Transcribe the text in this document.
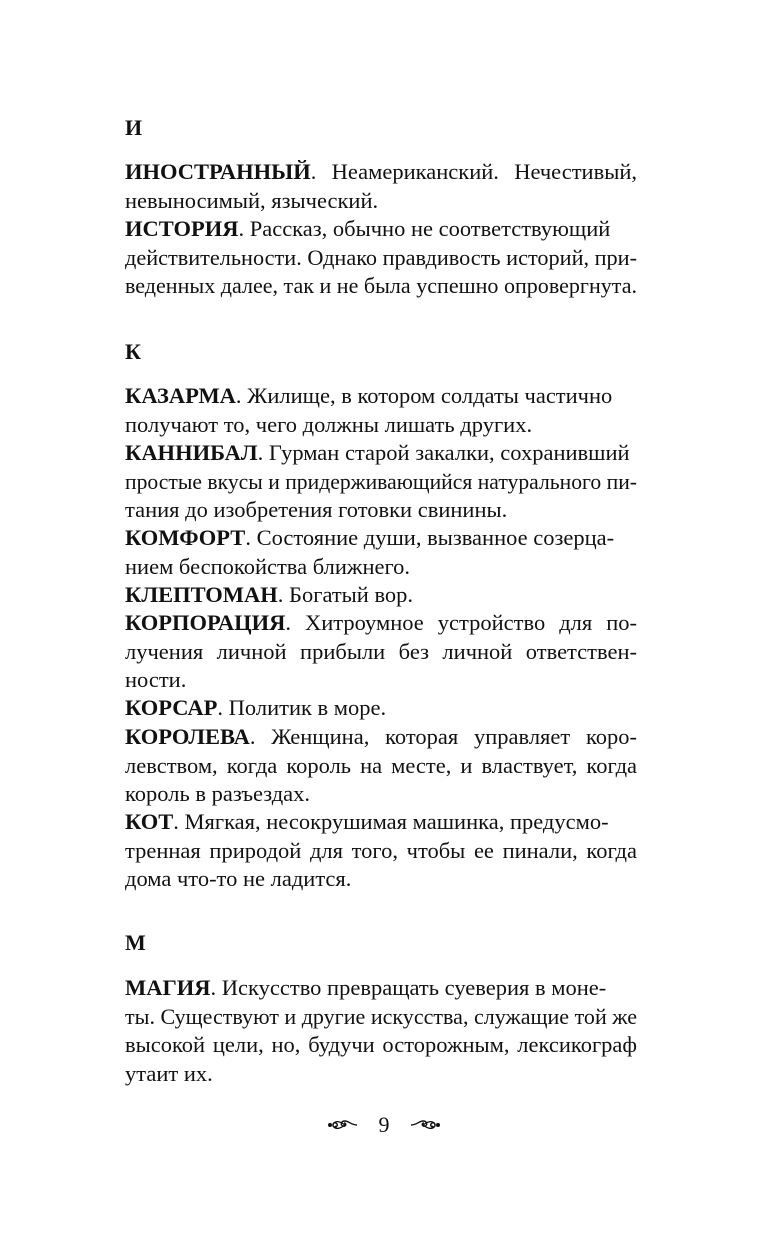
И
ИНОСТРАННЫЙ. Неамериканский. Нечестивый,
невыносимый, языческий.
ИСТОРИЯ. Рассказ, обычно не соответствующий
действительности. Однако правдивость историй, при-
веденных далее, так и не была успешно опровергнута.
К
КАЗАРМА. Жилище, в котором солдаты частично
получают то, чего должны лишать других.
КАННИБАЛ. Гурман старой закалки, сохранивший
простые вкусы и придерживающийся натурального пи-
тания до изобретения готовки свинины.
КОМФОРТ. Состояние души, вызванное созерца-
нием беспокойства ближнего.
КЛЕПТОМАН. Богатый вор.
КОРПОРАЦИЯ. Хитроумное устройство для по-
лучения личной прибыли без личной ответствен-
ности.
КОРСАР. Политик в море.
КОРОЛЕВА. Женщина, которая управляет коро-
левством, когда король на месте, и властвует, когда
король в разъездах.
КОТ. Мягкая, несокрушимая машинка, предусмо-
тренная природой для того, чтобы ее пинали, когда
дома что-то не ладится.
М
МАГИЯ. Искусство превращать суеверия в моне-
ты. Существуют и другие искусства, служащие той же
высокой цели, но, будучи осторожным, лексикограф
утаит их.
9
